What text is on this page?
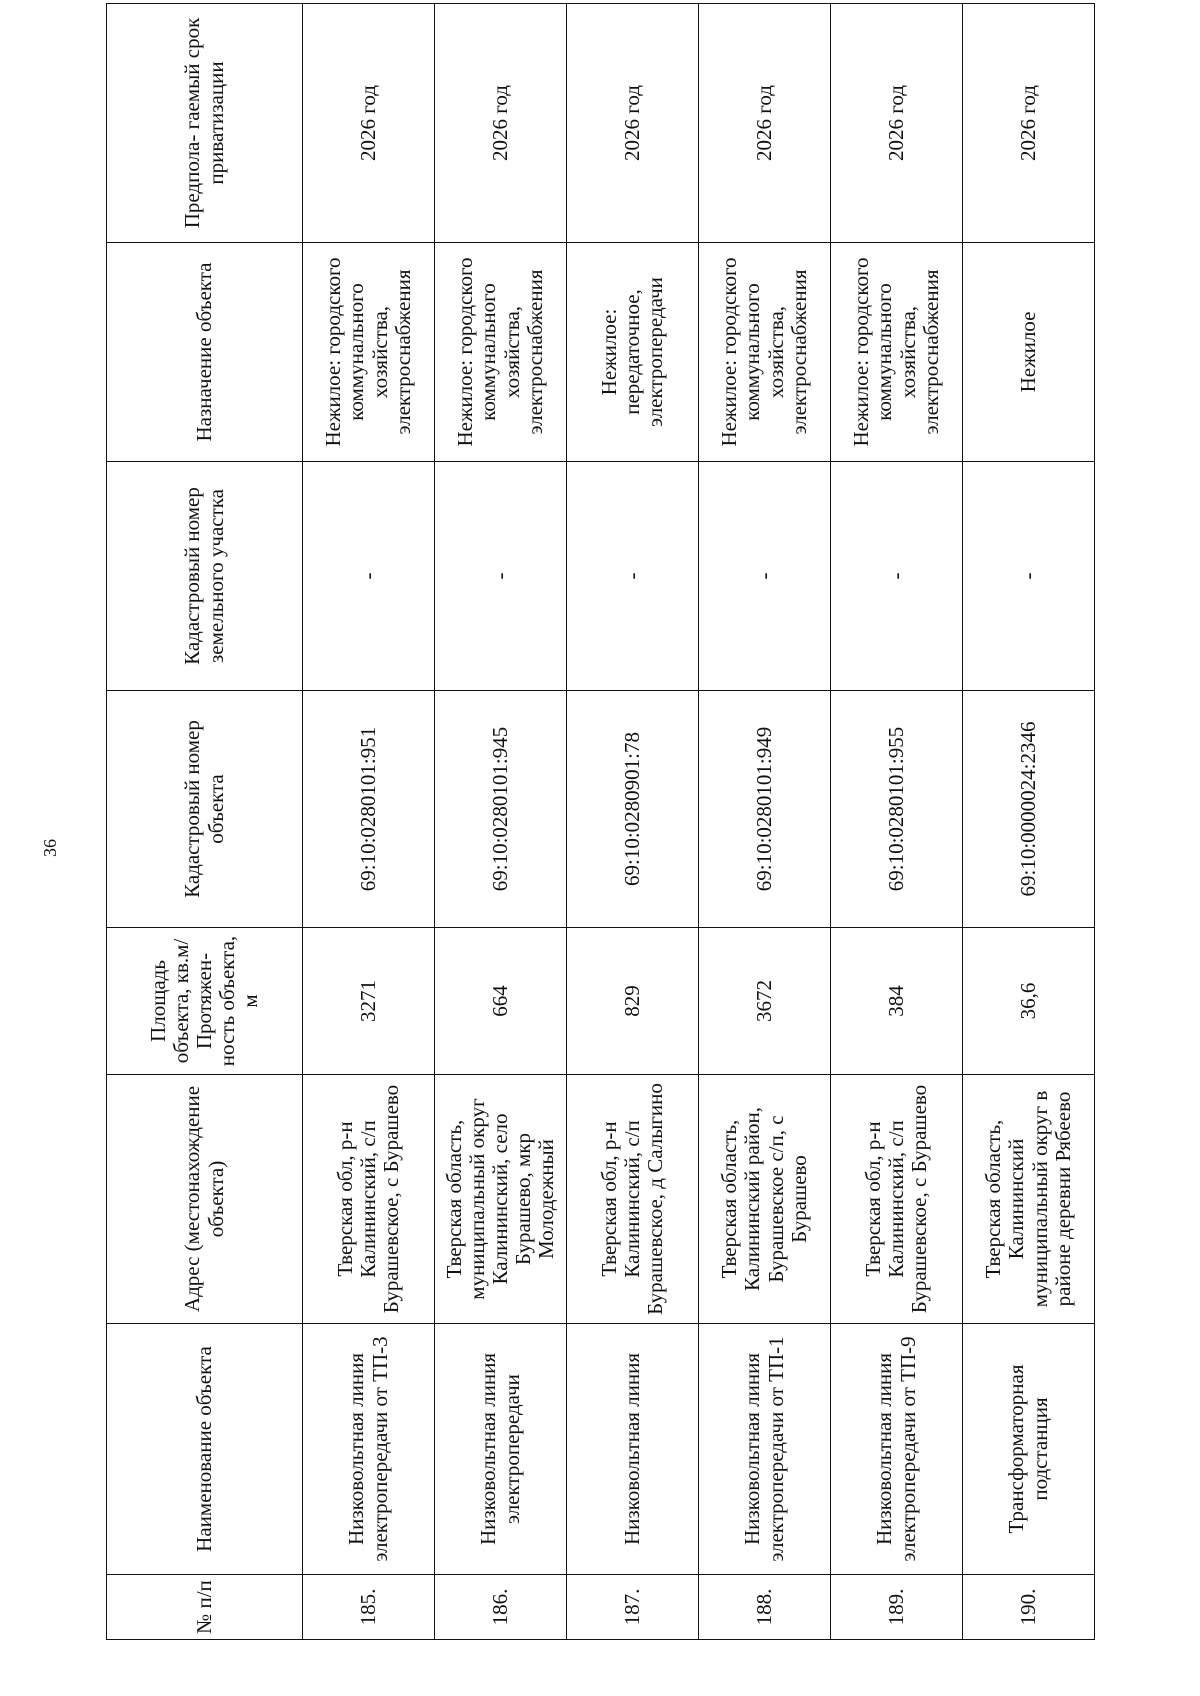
36
№ п/п	Наименование объекта	Адрес (местонахождение объекта)	Площадь объекта, кв.м/ Протяжен- ность объекта, м	Кадастровый номер объекта	Кадастровый номер земельного участка	Назначение объекта	Предпола- гаемый срок приватизации
185.	Низковольтная линия электропередачи от ТП-3	Тверская обл, р-н Калининский, с/п Бурашевское, с Бурашево	3271	69:10:0280101:951	-	Нежилое: городского коммунального хозяйства, электроснабжения	2026 год
186.	Низковольтная линия электропередачи	Тверская область, муниципальный округ Калининский, село Бурашево, мкр Молодежный	664	69:10:0280101:945	-	Нежилое: городского коммунального хозяйства, электроснабжения	2026 год
187.	Низковольтная линия	Тверская обл, р-н Калининский, с/п Бурашевское, д Салыгино	829	69:10:0280901:78	-	Нежилое: передаточное, электропередачи	2026 год
188.	Низковольтная линия электропередачи от ТП-1	Тверская область, Калининский район, Бурашевское с/п, с Бурашево	3672	69:10:0280101:949	-	Нежилое: городского коммунального хозяйства, электроснабжения	2026 год
189.	Низковольтная линия электропередачи от ТП-9	Тверская обл, р-н Калининский, с/п Бурашевское, с Бурашево	384	69:10:0280101:955	-	Нежилое: городского коммунального хозяйства, электроснабжения	2026 год
190.	Трансформаторная подстанция	Тверская область, Калининский муниципальный округ в районе деревни Рябеево	36,6	69:10:0000024:2346	-	Нежилое	2026 год
